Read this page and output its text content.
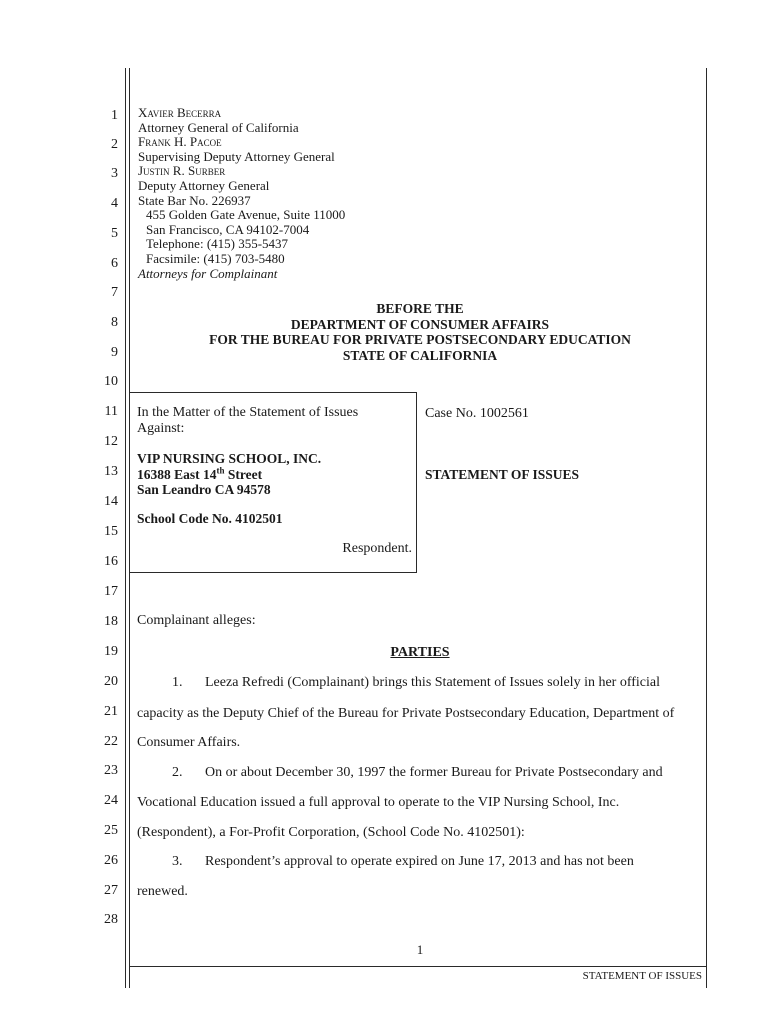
1
2
3
4
5
6
7
8
9
10
11
12
13
14
15
16
17
18
19
20
21
22
23
24
25
26
27
28
Xavier Becerra
Attorney General of California
Frank H. Pacoe
Supervising Deputy Attorney General
Justin R. Surber
Deputy Attorney General
State Bar No. 226937
455 Golden Gate Avenue, Suite 11000
San Francisco, CA 94102-7004
Telephone: (415) 355-5437
Facsimile: (415) 703-5480
Attorneys for Complainant
BEFORE THE
DEPARTMENT OF CONSUMER AFFAIRS
FOR THE BUREAU FOR PRIVATE POSTSECONDARY EDUCATION
STATE OF CALIFORNIA
In the Matter of the Statement of Issues
Against:
VIP NURSING SCHOOL, INC.
16388 East 14th Street
San Leandro CA 94578
School Code No. 4102501
Respondent.
Case No. 1002561
STATEMENT OF ISSUES
Complainant alleges:
PARTIES
1. Leeza Refredi (Complainant) brings this Statement of Issues solely in her official
capacity as the Deputy Chief of the Bureau for Private Postsecondary Education, Department of
Consumer Affairs.
2. On or about December 30, 1997 the former Bureau for Private Postsecondary and
Vocational Education issued a full approval to operate to the VIP Nursing School, Inc.
(Respondent), a For-Profit Corporation, (School Code No. 4102501):
3. Respondent’s approval to operate expired on June 17, 2013 and has not been
renewed.
1
STATEMENT OF ISSUES
